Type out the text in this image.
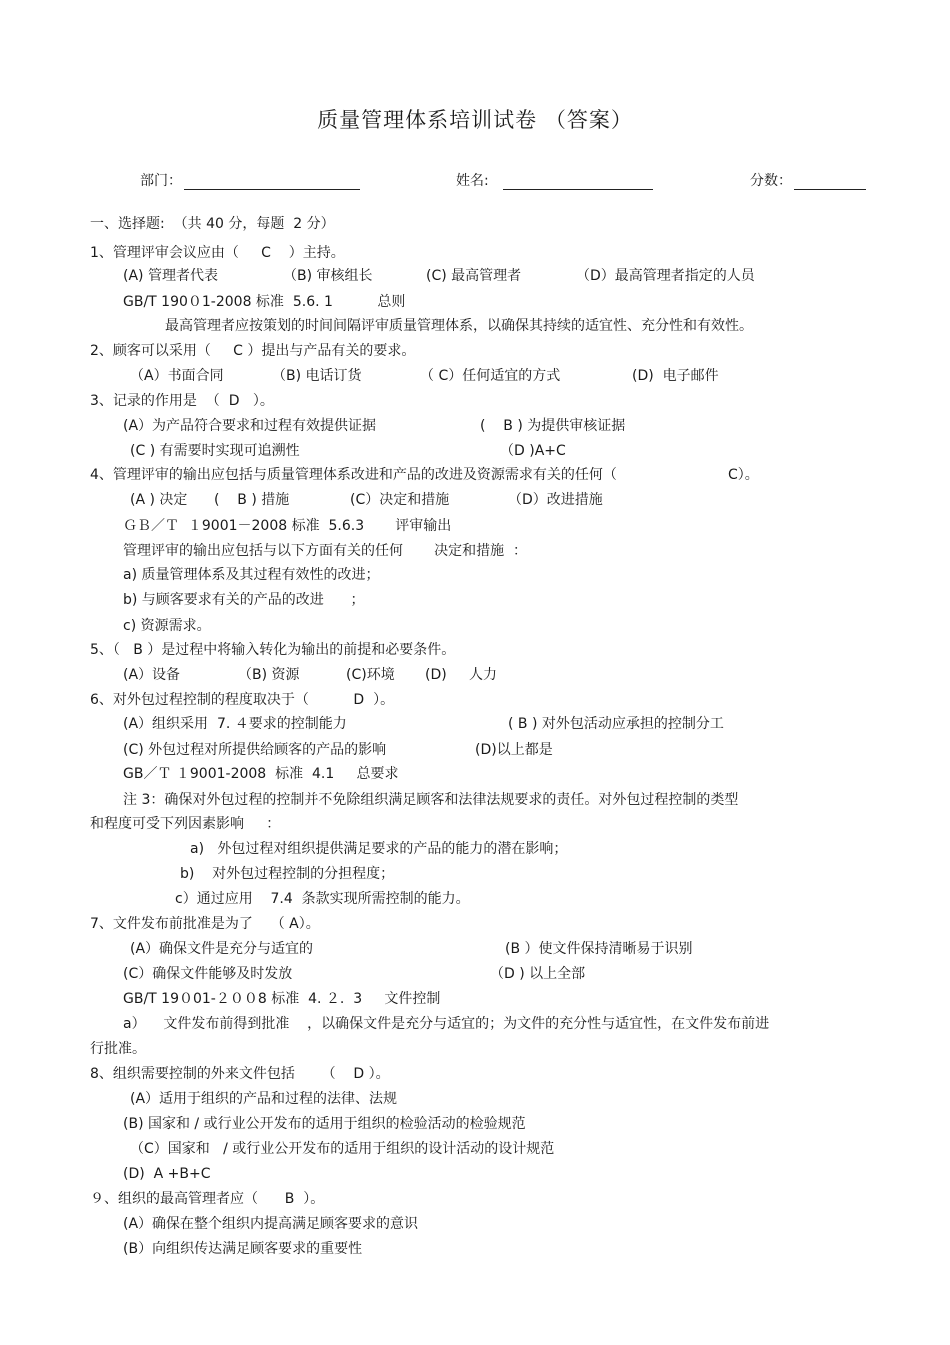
质量管理体系培训试卷 （答案）
部门：	姓名:	分数：
一、选择题:  （共 40 分，每题  2 分）
1、管理评审会议应由（     C    ）主持。
(A) 管理者代表	（B) 审核组长	(C) 最高管理者	（D）最高管理者指定的人员
GB/T 190０1-2008 标准  5.6. 1          总则
最高管理者应按策划的时间间隔评审质量管理体系，以确保其持续的适宜性、充分性和有效性。
2、顾客可以采用（     C ）提出与产品有关的要求。
（A）书面合同	（B) 电话订货	（ C）任何适宜的方式	(D)  电子邮件
3、记录的作用是  （  D   ）。
(A）为产品符合要求和过程有效提供证据	(    B ) 为提供审核证据
(C ) 有需要时实现可追溯性	（D )A+C
4、管理评审的输出应包括与质量管理体系改进和产品的改进及资源需求有关的任何（	C）。
(A ) 决定 (    B ) 措施	(C）决定和措施	（D）改进措施
ＧＢ／Ｔ  １9001－2008 标准  5.6.3       评审输出
管理评审的输出应包括与以下方面有关的任何       决定和措施  ：
a) 质量管理体系及其过程有效性的改进；
b) 与顾客要求有关的产品的改进      ；
c) 资源需求。
5、（   B ）是过程中将输入转化为输出的前提和必要条件。
(A）设备	（B) 资源	(C)环境 (D)     人力
6、对外包过程控制的程度取决于（          D  ）。
(A）组织采用  7. ４要求的控制能力	( B ) 对外包活动应承担的控制分工
(C) 外包过程对所提供给顾客的产品的影响	(D)以上都是
GB／Ｔ １9001-2008  标准  4.1     总要求
注 3：确保对外包过程的控制并不免除组织满足顾客和法律法规要求的责任。对外包过程控制的类型
和程度可受下列因素影响     ：
a)   外包过程对组织提供满足要求的产品的能力的潜在影响；
b)    对外包过程控制的分担程度；
c）通过应用    7.4  条款实现所需控制的能力。
7、文件发布前批准是为了    （ A）。
(A）确保文件是充分与适宜的	(B ）使文件保持清晰易于识别
(C）确保文件能够及时发放	（D ) 以上全部
GB/T 19０01-２００8 标准  4. ２.  3     文件控制
a）    文件发布前得到批准    ，以确保文件是充分与适宜的；为文件的充分性与适宜性，在文件发布前进
行批准。
8、组织需要控制的外来文件包括      （    D ）。
(A）适用于组织的产品和过程的法律、法规
(B) 国家和 / 或行业公开发布的适用于组织的检验活动的检验规范
（C）国家和   / 或行业公开发布的适用于组织的设计活动的设计规范
(D)  A +B+C
９、组织的最高管理者应（      B  ）。
(A）确保在整个组织内提高满足顾客要求的意识
(B）向组织传达满足顾客要求的重要性
